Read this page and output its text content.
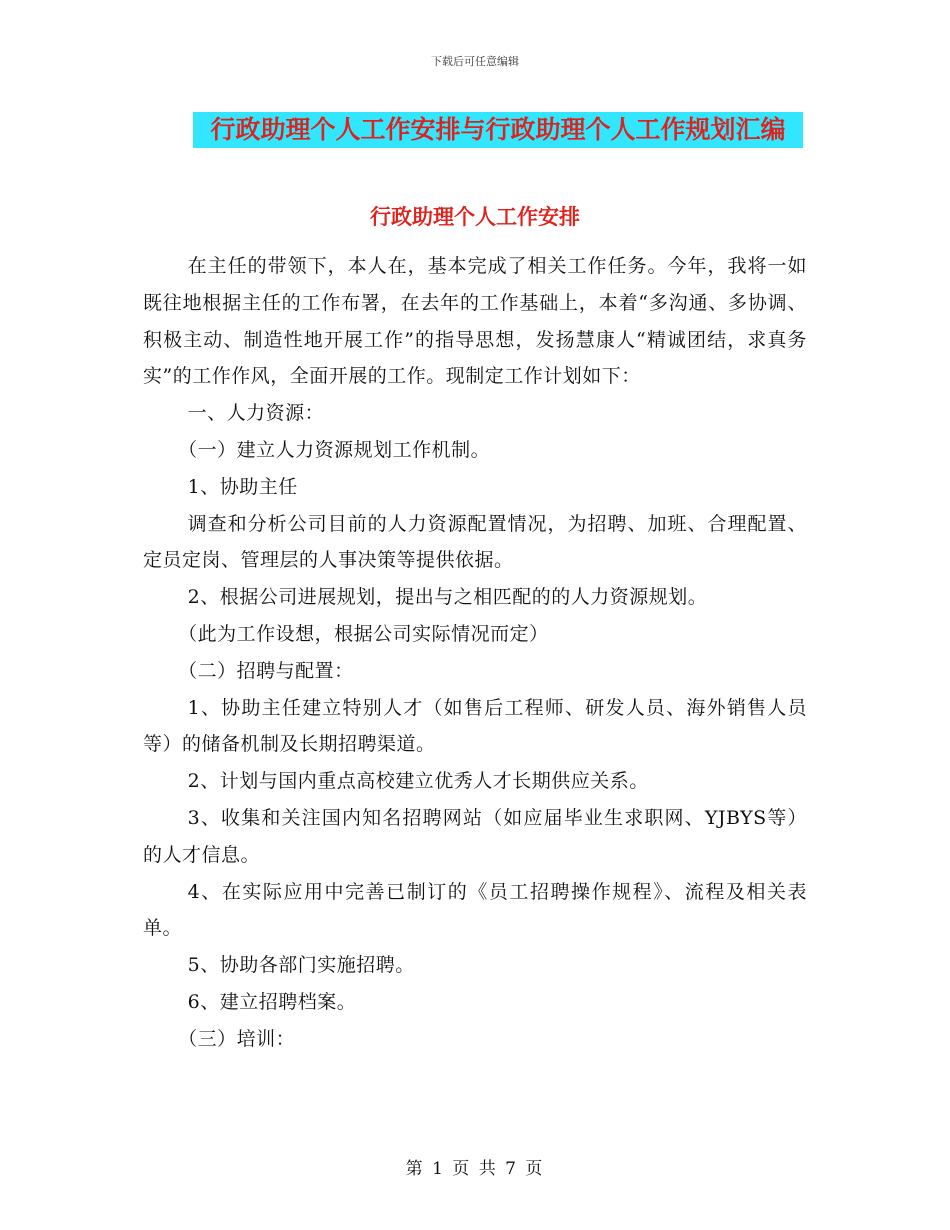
下载后可任意编辑
行政助理个人工作安排与行政助理个人工作规划汇编
行政助理个人工作安排

在主任的带领下，本人在，基本完成了相关工作任务。今年，我将一如既往地根据主任的工作布署，在去年的工作基础上，本着“多沟通、多协调、积极主动、制造性地开展工作”的指导思想，发扬慧康人“精诚团结，求真务实”的工作作风，全面开展的工作。现制定工作计划如下：

一、人力资源：

（一）建立人力资源规划工作机制。

1、协助主任

调查和分析公司目前的人力资源配置情况，为招聘、加班、合理配置、定员定岗、管理层的人事决策等提供依据。

2、根据公司进展规划，提出与之相匹配的的人力资源规划。

（此为工作设想，根据公司实际情况而定）

（二）招聘与配置：

1、协助主任建立特别人才（如售后工程师、研发人员、海外销售人员等）的储备机制及长期招聘渠道。

2、计划与国内重点高校建立优秀人才长期供应关系。

3、收集和关注国内知名招聘网站（如应届毕业生求职网、YJBYS等）的人才信息。

4、在实际应用中完善已制订的《员工招聘操作规程》、流程及相关表单。

5、协助各部门实施招聘。

6、建立招聘档案。

（三）培训：

第 1 页 共 7 页
